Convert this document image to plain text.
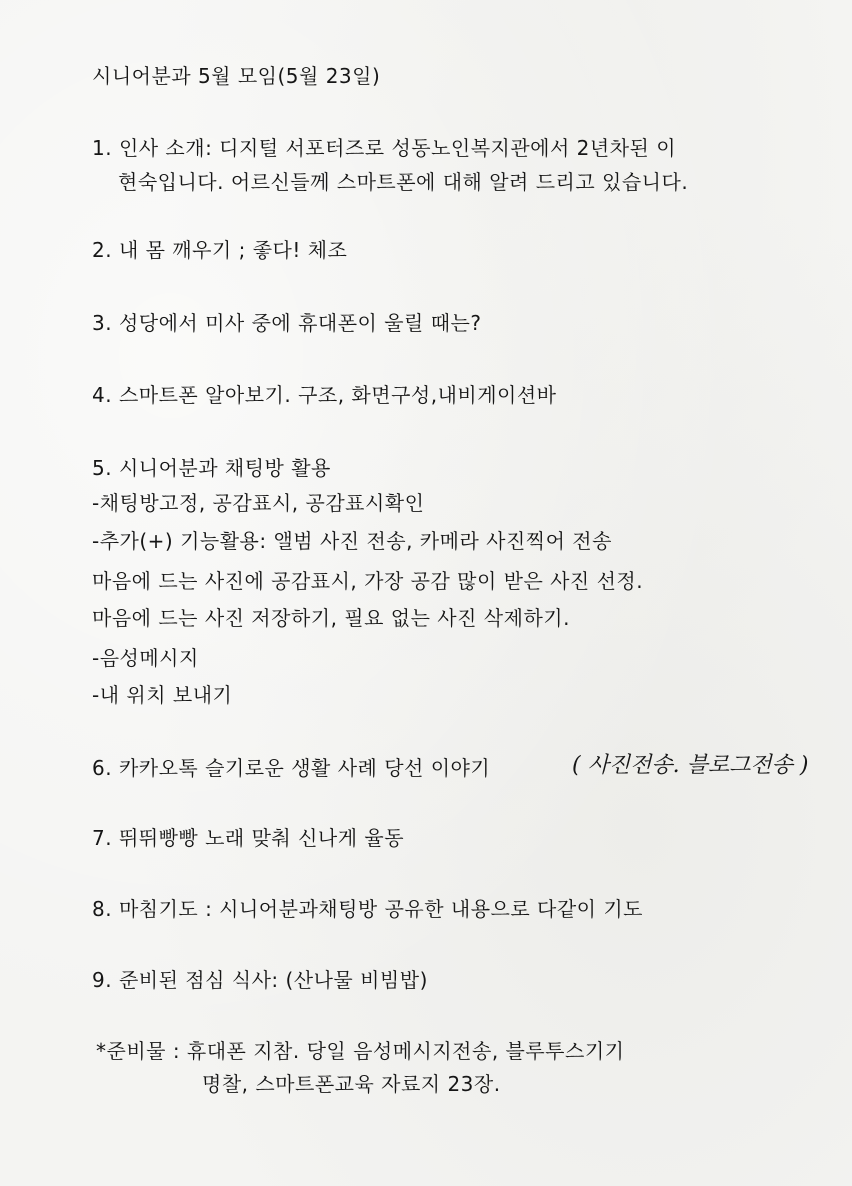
시니어분과 5월 모임(5월 23일)
1. 인사 소개: 디지털 서포터즈로 성동노인복지관에서 2년차된 이
현숙입니다. 어르신들께 스마트폰에 대해 알려 드리고 있습니다.
2. 내 몸 깨우기 ; 좋다! 체조
3. 성당에서 미사 중에 휴대폰이 울릴 때는?
4. 스마트폰 알아보기. 구조, 화면구성,내비게이션바
5. 시니어분과 채팅방 활용
-채팅방고정, 공감표시, 공감표시확인
-추가(+) 기능활용: 앨범 사진 전송, 카메라 사진찍어 전송
마음에 드는 사진에 공감표시, 가장 공감 많이 받은 사진 선정.
마음에 드는 사진 저장하기, 필요 없는 사진 삭제하기.
-음성메시지
-내 위치 보내기
6. 카카오톡 슬기로운 생활 사례 당선 이야기	( 사진전송. 블로그전송 )
7. 뛰뛰빵빵 노래 맞춰 신나게 율동
8. 마침기도 : 시니어분과채팅방 공유한 내용으로 다같이 기도
9. 준비된 점심 식사: (산나물 비빔밥)
*준비물 : 휴대폰 지참. 당일 음성메시지전송, 블루투스기기
명찰, 스마트폰교육 자료지 23장.
